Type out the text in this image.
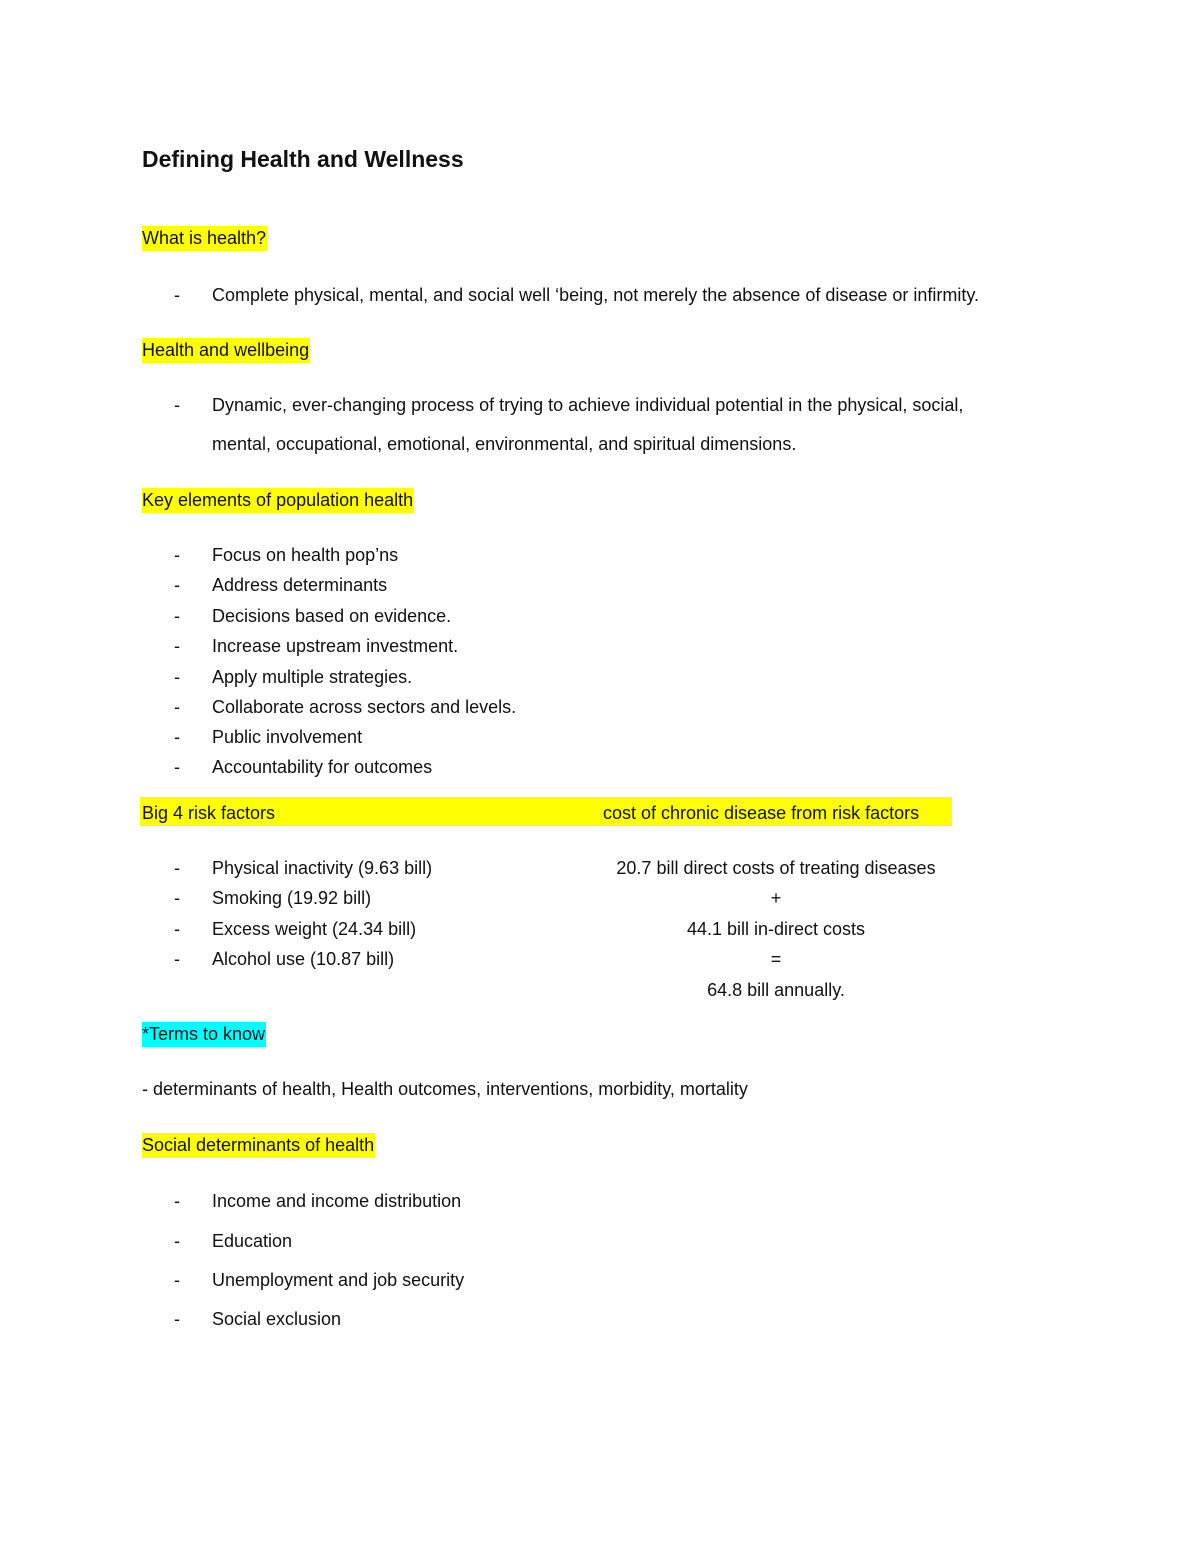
Defining Health and Wellness
What is health?
- Complete physical, mental, and social well ‘being, not merely the absence of disease or infirmity.
Health and wellbeing
- Dynamic, ever-changing process of trying to achieve individual potential in the physical, social,
mental, occupational, emotional, environmental, and spiritual dimensions.
Key elements of population health
- Focus on health pop’ns
- Address determinants
- Decisions based on evidence.
- Increase upstream investment.
- Apply multiple strategies.
- Collaborate across sectors and levels.
- Public involvement
- Accountability for outcomes
Big 4 risk factors	cost of chronic disease from risk factors
- Physical inactivity (9.63 bill)
- Smoking (19.92 bill)
- Excess weight (24.34 bill)
- Alcohol use (10.87 bill)
20.7 bill direct costs of treating diseases
+
44.1 bill in-direct costs
=
64.8 bill annually.
*Terms to know
- determinants of health, Health outcomes, interventions, morbidity, mortality
Social determinants of health
- Income and income distribution
- Education
- Unemployment and job security
- Social exclusion
